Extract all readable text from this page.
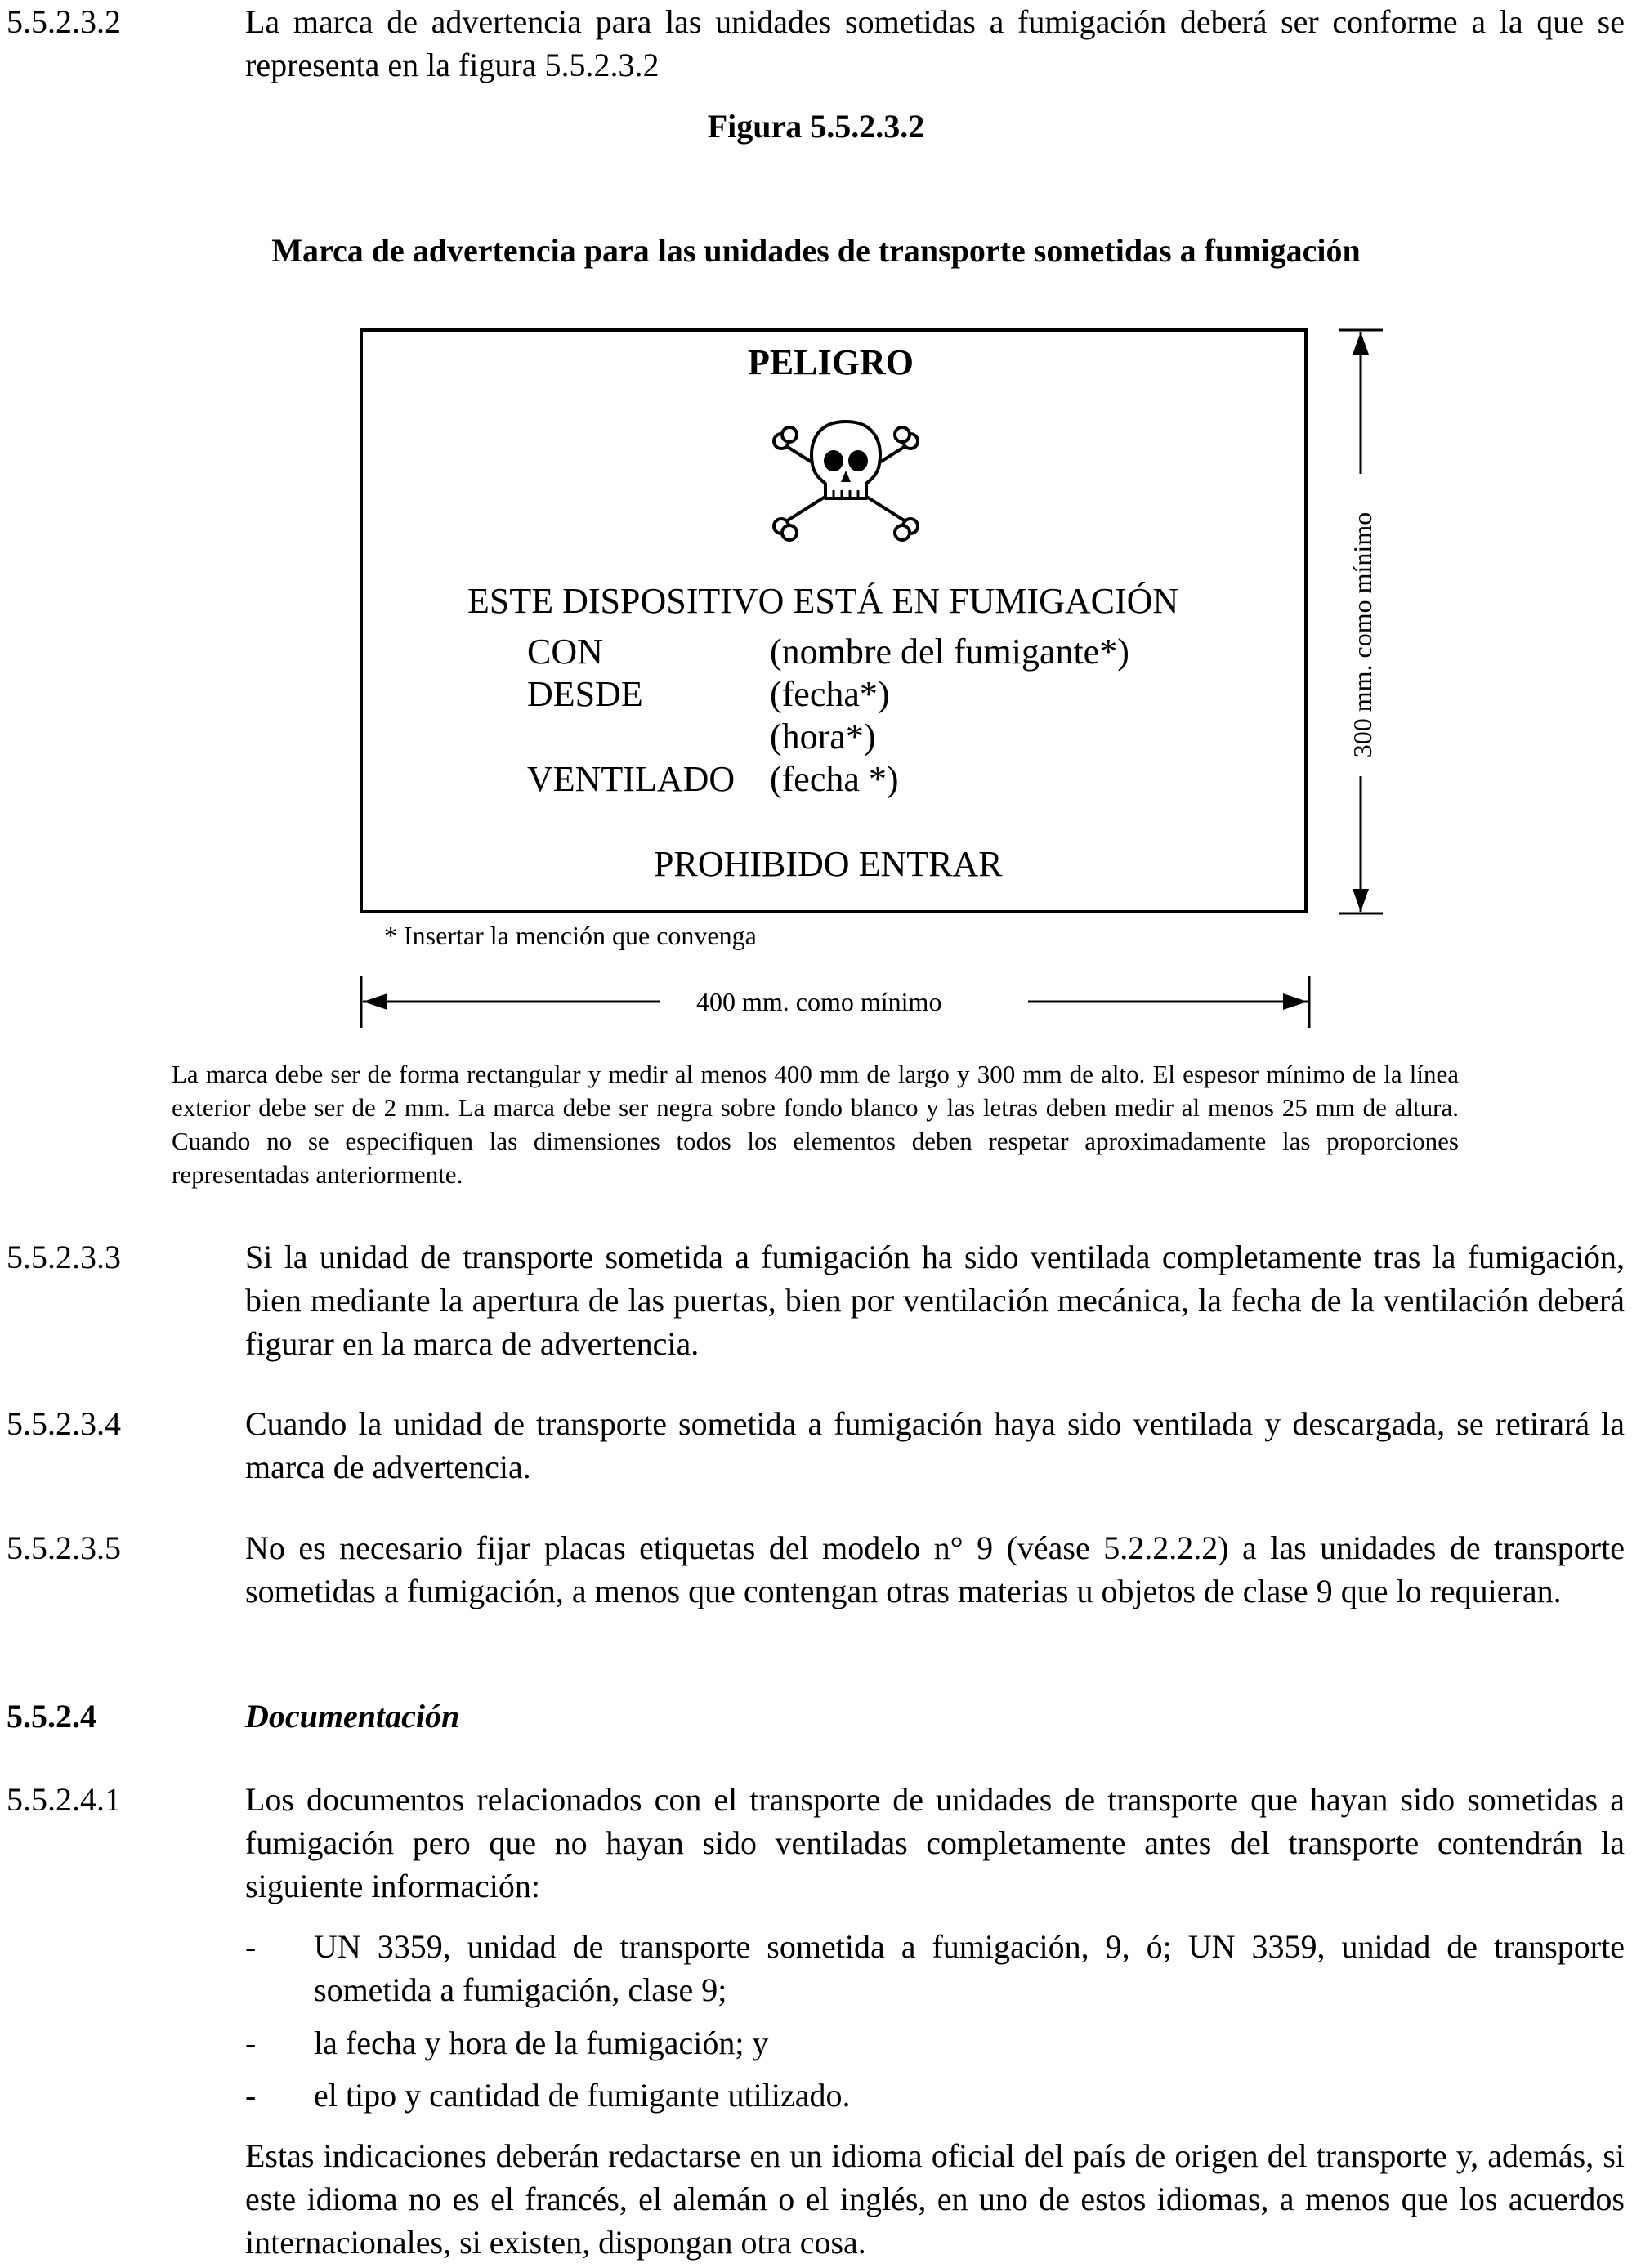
5.5.2.3.2	La marca de advertencia para las unidades sometidas a fumigación deberá ser conforme a la que se representa en la figura 5.5.2.3.2
Figura 5.5.2.3.2
Marca de advertencia para las unidades de transporte sometidas a fumigación
PELIGRO
ESTE DISPOSITIVO ESTÁ EN FUMIGACIÓN
CON	(nombre del fumigante*)
DESDE	(fecha*)
(hora*)
VENTILADO (fecha *)
PROHIBIDO ENTRAR
300 mm. como mínimo
* Insertar la mención que convenga
400 mm. como mínimo
La marca debe ser de forma rectangular y medir al menos 400 mm de largo y 300 mm de alto. El espesor mínimo de la línea exterior debe ser de 2 mm. La marca debe ser negra sobre fondo blanco y las letras deben medir al menos 25 mm de altura. Cuando no se especifiquen las dimensiones todos los elementos deben respetar aproximadamente las proporciones representadas anteriormente.
5.5.2.3.3	Si la unidad de transporte sometida a fumigación ha sido ventilada completamente tras la fumigación, bien mediante la apertura de las puertas, bien por ventilación mecánica, la fecha de la ventilación deberá figurar en la marca de advertencia.
5.5.2.3.4	Cuando la unidad de transporte sometida a fumigación haya sido ventilada y descargada, se retirará la marca de advertencia.
5.5.2.3.5	No es necesario fijar placas etiquetas del modelo n° 9 (véase 5.2.2.2.2) a las unidades de transporte sometidas a fumigación, a menos que contengan otras materias u objetos de clase 9 que lo requieran.
5.5.2.4	Documentación
5.5.2.4.1	Los documentos relacionados con el transporte de unidades de transporte que hayan sido sometidas a fumigación pero que no hayan sido ventiladas completamente antes del transporte contendrán la siguiente información:
- UN 3359, unidad de transporte sometida a fumigación, 9, ó; UN 3359, unidad de transporte sometida a fumigación, clase 9;
- la fecha y hora de la fumigación; y
- el tipo y cantidad de fumigante utilizado.
Estas indicaciones deberán redactarse en un idioma oficial del país de origen del transporte y, además, si este idioma no es el francés, el alemán o el inglés, en uno de estos idiomas, a menos que los acuerdos internacionales, si existen, dispongan otra cosa.
